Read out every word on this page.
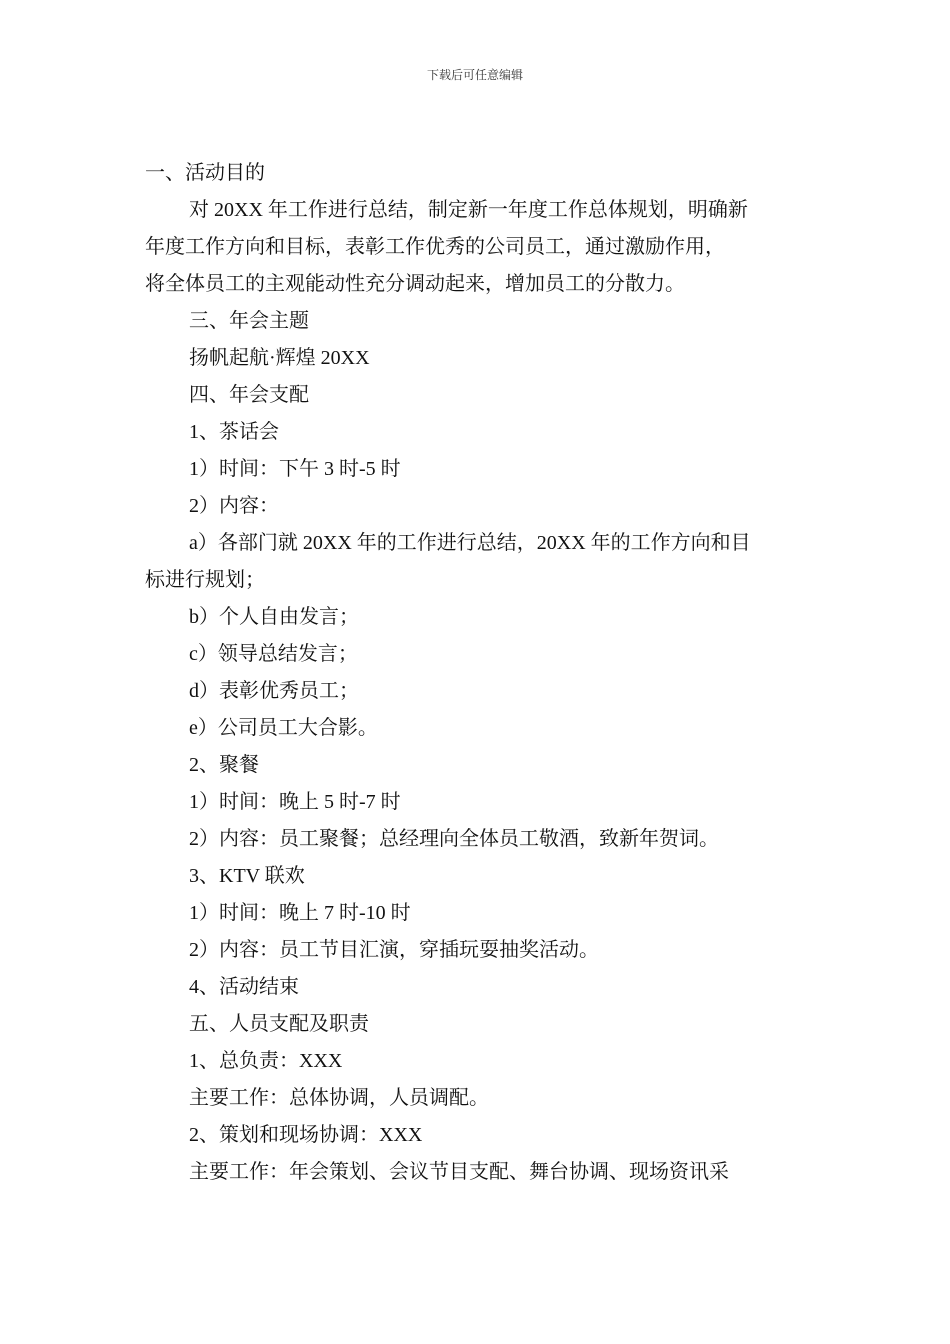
下载后可任意编辑
一、活动目的
对 20XX 年工作进行总结，制定新一年度工作总体规划，明确新
年度工作方向和目标，表彰工作优秀的公司员工，通过激励作用，
将全体员工的主观能动性充分调动起来，增加员工的分散力。
三、年会主题
扬帆起航·辉煌 20XX
四、年会支配
1、茶话会
1）时间：下午 3 时-5 时
2）内容：
a）各部门就 20XX 年的工作进行总结，20XX 年的工作方向和目
标进行规划；
b）个人自由发言；
c）领导总结发言；
d）表彰优秀员工；
e）公司员工大合影。
2、聚餐
1）时间：晚上 5 时-7 时
2）内容：员工聚餐；总经理向全体员工敬酒，致新年贺词。
3、KTV 联欢
1）时间：晚上 7 时-10 时
2）内容：员工节目汇演，穿插玩耍抽奖活动。
4、活动结束
五、人员支配及职责
1、总负责：XXX
主要工作：总体协调，人员调配。
2、策划和现场协调：XXX
主要工作：年会策划、会议节目支配、舞台协调、现场资讯采
